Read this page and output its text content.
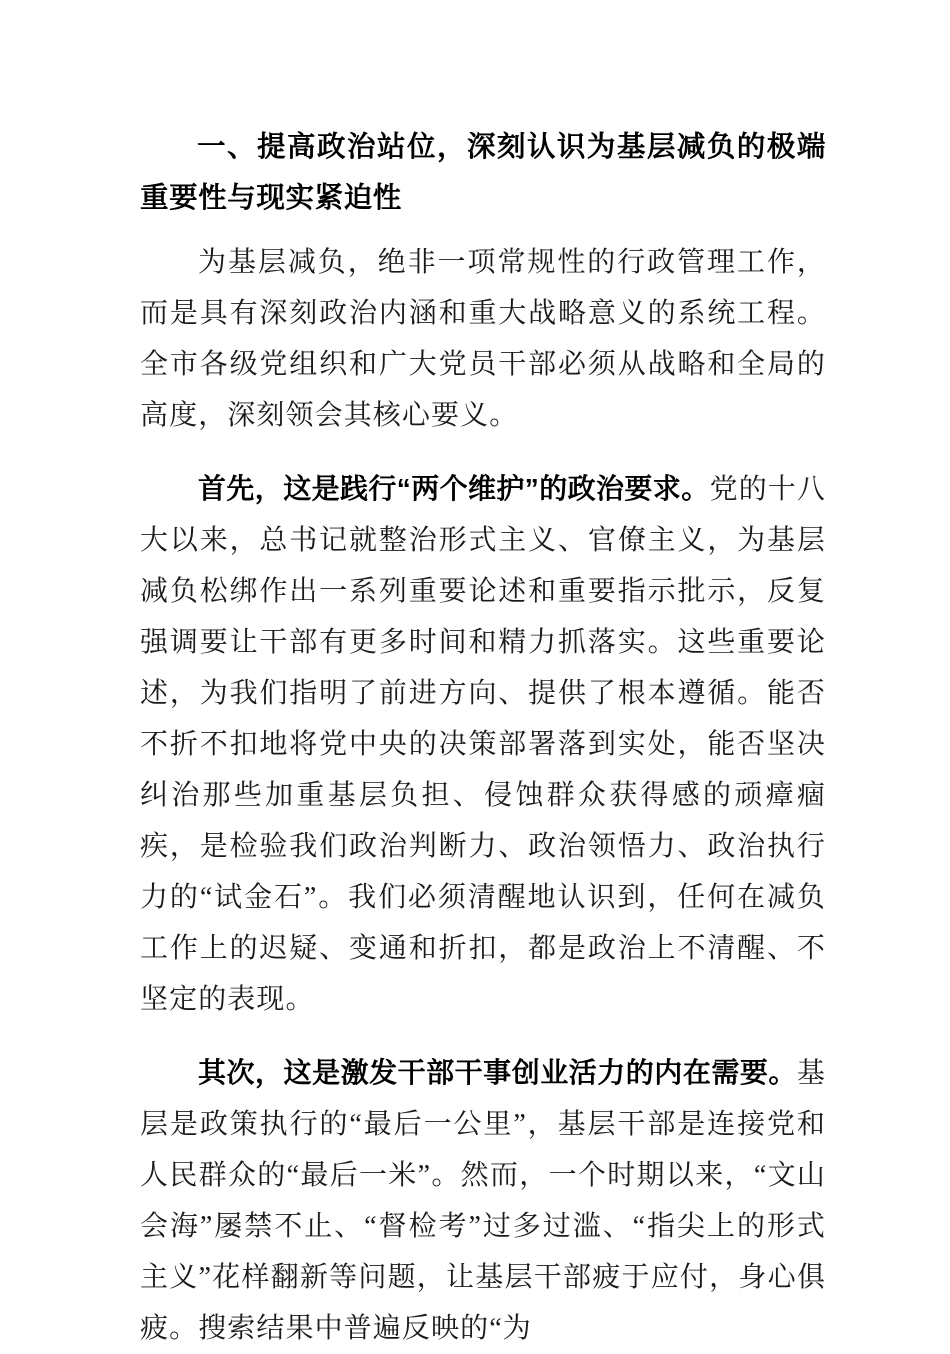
一、提高政治站位，深刻认识为基层减负的极端重要性与现实紧迫性

为基层减负，绝非一项常规性的行政管理工作，而是具有深刻政治内涵和重大战略意义的系统工程。全市各级党组织和广大党员干部必须从战略和全局的高度，深刻领会其核心要义。

首先，这是践行“两个维护”的政治要求。党的十八大以来，总书记就整治形式主义、官僚主义，为基层减负松绑作出一系列重要论述和重要指示批示，反复强调要让干部有更多时间和精力抓落实。这些重要论述，为我们指明了前进方向、提供了根本遵循。能否不折不扣地将党中央的决策部署落到实处，能否坚决纠治那些加重基层负担、侵蚀群众获得感的顽瘴痼疾，是检验我们政治判断力、政治领悟力、政治执行力的“试金石”。我们必须清醒地认识到，任何在减负工作上的迟疑、变通和折扣，都是政治上不清醒、不坚定的表现。

其次，这是激发干部干事创业活力的内在需要。基层是政策执行的“最后一公里”，基层干部是连接党和人民群众的“最后一米”。然而，一个时期以来，“文山会海”屡禁不止、“督检考”过多过滥、“指尖上的形式主义”花样翻新等问题，让基层干部疲于应付，身心俱疲。搜索结果中普遍反映的“为
